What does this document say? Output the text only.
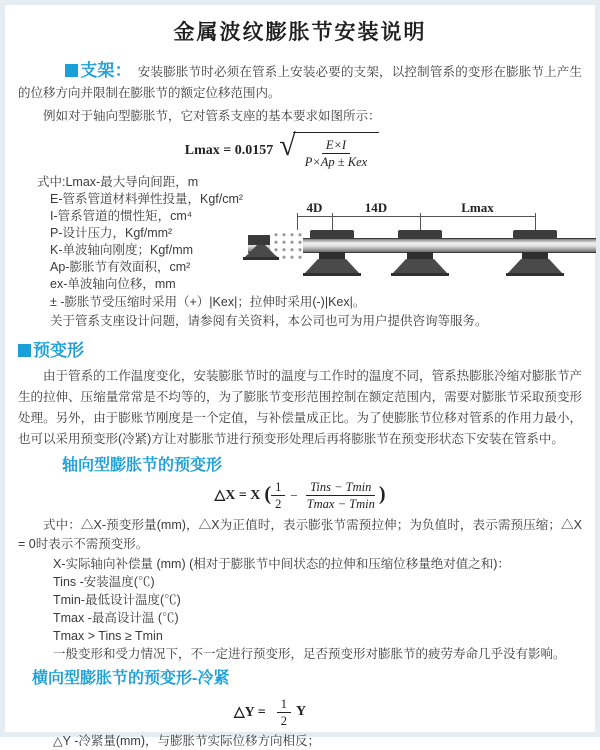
金属波纹膨胀节安装说明
支架： 安装膨胀节时必须在管系上安装必要的支架，以控制管系的变形在膨胀节上产生的位移方向并限制在膨胀节的额定位移范围内。
例如对于轴向型膨胀节，它对管系支座的基本要求如图所示：
Lmax = 0.0157 √ $\frac{E\times I}{\text{P×Ap ± Kex}}$
式中:Lmax-最大导向间距，m
E-管系管道材料弹性投量，Kgf/cm²
I-管系管道的惯性矩，cm⁴
P-设计压力，Kgf/mm²
K-单波轴向刚度；Kgf/mm
Ap-膨胀节有效面积，cm²
ex-单波轴向位移，mm
4D	14D	Lmax
± -膨胀节受压缩时采用（+）|Kex|；拉伸时采用(-)|Kex|。
关于管系支座设计问题，请参阅有关资料，本公司也可为用户提供咨询等服务。
预变形
由于管系的工作温度变化，安装膨胀节时的温度与工作时的温度不同，管系热膨胀冷缩对膨胀节产生的拉伸、压缩量常常是不均等的，为了膨胀节变形范围控制在额定范围内，需要对膨胀节采取预变形处理。另外，由于膨账节刚度是一个定值，与补偿量成正比。为了使膨胀节位移对管系的作用力最小，也可以采用预变形(冷紧)方让对膨胀节进行预变形处理后再将膨胀节在预变形状态下安装在管系中。
轴向型膨胀节的预变形
△X = X ( $\frac{1}{2} - \frac{\text{Tins − Tmin}}{Tmax - Tmin}$ )
式中：△X-预变形量(mm)，△X为正值时，表示膨张节需预拉伸；为负值时，表示需预压缩；△X = 0时表示不需预变形。
X-实际轴向补偿量 (mm) (相对于膨胀节中间状态的拉伸和压缩位移量绝对值之和)：
Tins -安装温度(℃)
Tmin-最低设计温度(℃)
Tmax -最高设计温 (℃)
Tmax > Tins ≥ Tmin
一般变形和受力情况下，不一定进行预变形，足否预变形对膨胀节的疲劳寿命几乎没有影响。
横向型膨胀节的预变形-冷紧
△Y = $\frac{1}{2}$ Y
△Y -冷紧量(mm)，与膨胀节实际位移方向相反；
